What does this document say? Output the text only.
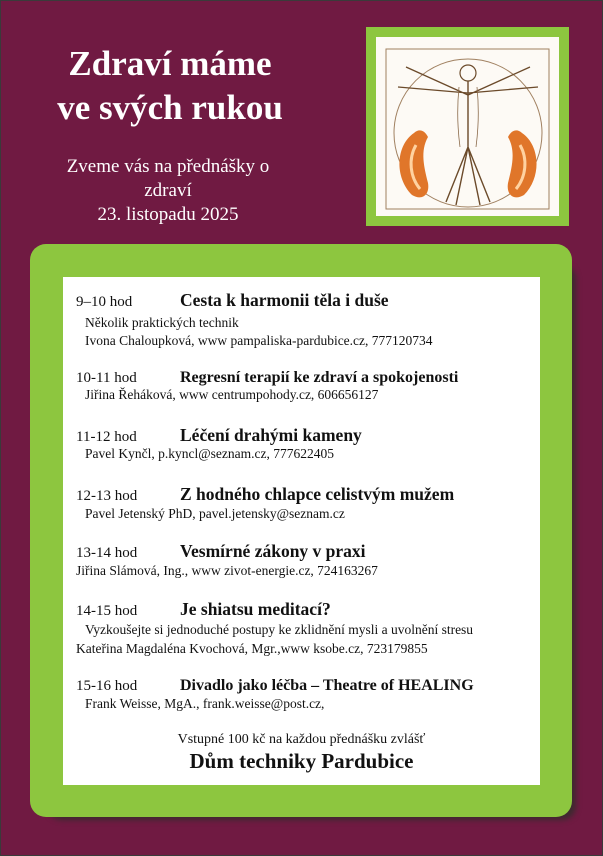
Zdraví máme
ve svých rukou
Zveme vás na přednášky o
zdraví
23. listopadu 2025
9–10 hod	Cesta k harmonii těla i duše
Několik praktických technik
Ivona Chaloupková, www pampaliska-pardubice.cz, 777120734
10-11 hod	Regresní terapií ke zdraví a spokojenosti
Jiřina Řeháková, www centrumpohody.cz, 606656127
11-12 hod Léčení drahými kameny
Pavel Kynčl, p.kyncl@seznam.cz, 777622405
12-13 hod Z hodného chlapce celistvým mužem
Pavel Jetenský PhD, pavel.jetensky@seznam.cz
13-14 hod Vesmírné zákony v praxi
Jiřina Slámová, Ing., www zivot-energie.cz, 724163267
14-15 hod Je shiatsu meditací?
Vyzkoušejte si jednoduché postupy ke zklidnění mysli a uvolnění stresu
Kateřina Magdaléna Kvochová, Mgr.,www ksobe.cz, 723179855
15-16 hod	Divadlo jako léčba – Theatre of HEALING
Frank Weisse, MgA., frank.weisse@post.cz,
Vstupné 100 kč na každou přednášku zvlášť
Dům techniky Pardubice
